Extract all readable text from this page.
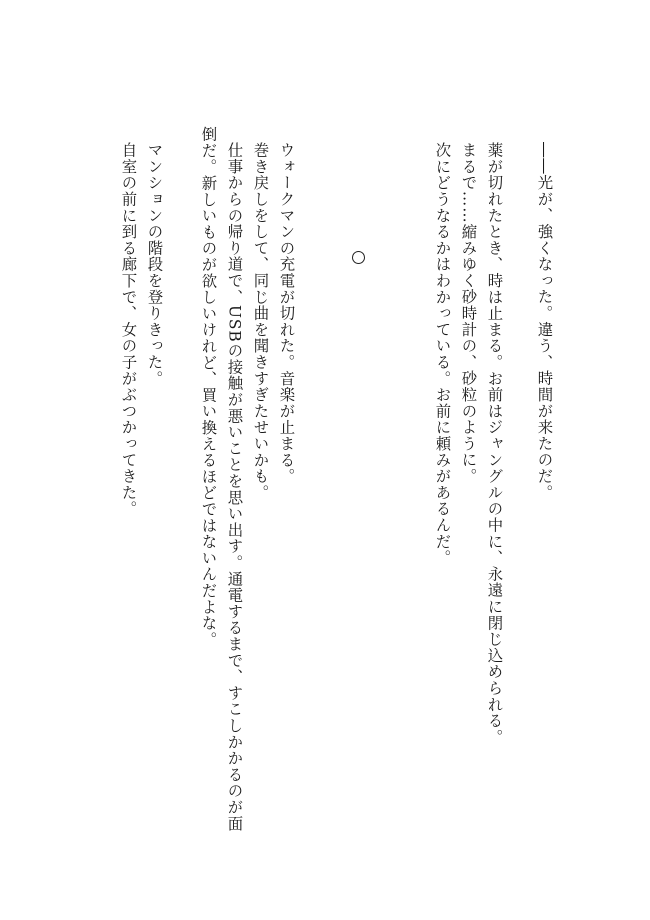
――光が、強くなった。違う、時間が来たのだ。
薬が切れたとき、時は止まる。お前はジャングルの中に、永遠に閉じ込められる。
まるで……縮みゆく砂時計の、砂粒のように。
次にどうなるかはわかっている。お前に頼みがあるんだ。
ウォークマンの充電が切れた。音楽が止まる。
巻き戻しをして、同じ曲を聞きすぎたせいかも。
仕事からの帰り道で、USBの接触が悪いことを思い出す。通電するまで、すこしかかるのが面
倒だ。新しいものが欲しいけれど、買い換えるほどではないんだよな。
マンションの階段を登りきった。
自室の前に到る廊下で、女の子がぶつかってきた。
